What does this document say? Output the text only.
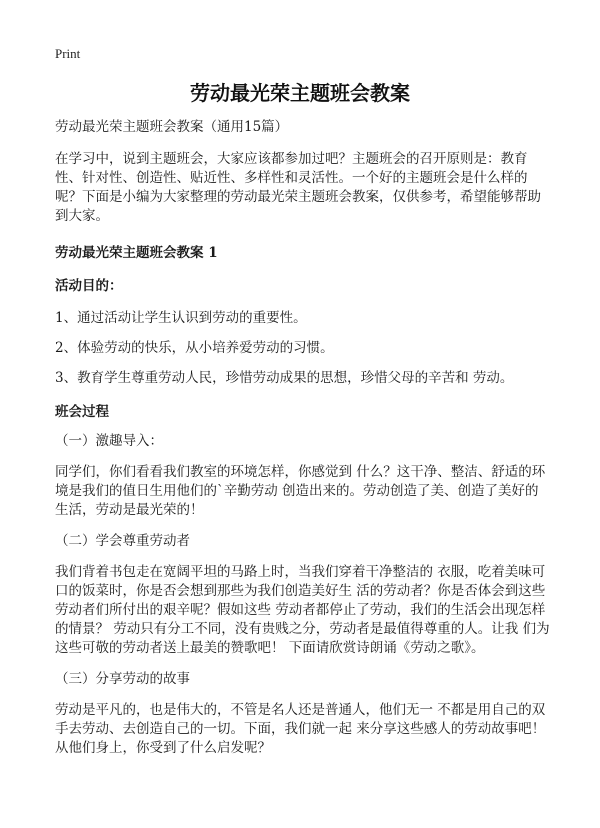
Print
劳动最光荣主题班会教案

劳动最光荣主题班会教案（通用15篇）

在学习中，说到主题班会，大家应该都参加过吧？主题班会的召开原则是：教育性、针对性、创造性、贴近性、多样性和灵活性。一个好的主题班会是什么样的呢？下面是小编为大家整理的劳动最光荣主题班会教案，仅供参考，希望能够帮助到大家。

劳动最光荣主题班会教案 1

活动目的：

1、通过活动让学生认识到劳动的重要性。

2、体验劳动的快乐，从小培养爱劳动的习惯。

3、教育学生尊重劳动人民，珍惜劳动成果的思想，珍惜父母的辛苦和 劳动。

班会过程

（一）激趣导入：

同学们，你们看看我们教室的环境怎样，你感觉到 什么？这干净、整洁、舒适的环境是我们的值日生用他们的`辛勤劳动 创造出来的。劳动创造了美、创造了美好的生活，劳动是最光荣的！

（二）学会尊重劳动者

我们背着书包走在宽阔平坦的马路上时，当我们穿着干净整洁的 衣服，吃着美味可口的饭菜时，你是否会想到那些为我们创造美好生 活的劳动者？你是否体会到这些劳动者们所付出的艰辛呢？假如这些 劳动者都停止了劳动，我们的生活会出现怎样的情景？ 劳动只有分工不同，没有贵贱之分，劳动者是最值得尊重的人。让我 们为这些可敬的劳动者送上最美的赞歌吧！ 下面请欣赏诗朗诵《劳动之歌》。

（三）分享劳动的故事

劳动是平凡的，也是伟大的，不管是名人还是普通人，他们无一 不都是用自己的双手去劳动、去创造自己的一切。下面，我们就一起 来分享这些感人的劳动故事吧！从他们身上，你受到了什么启发呢？
